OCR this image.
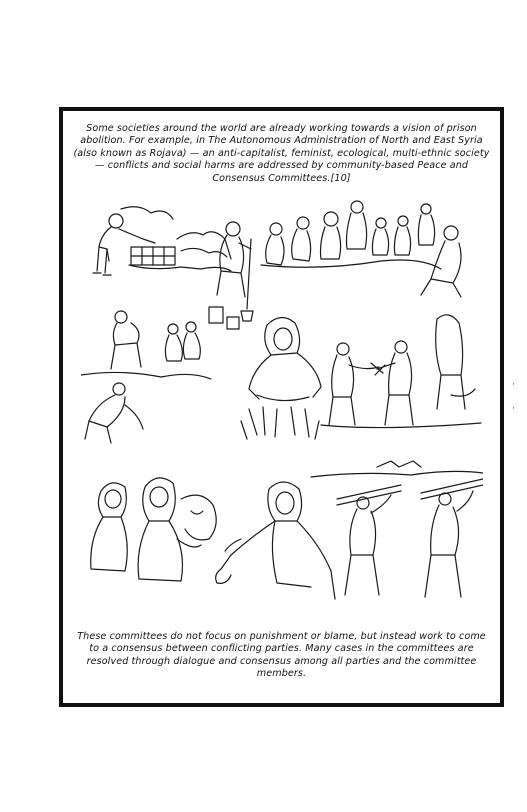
Some societies around the world are already working towards a vision of prison abolition. For example, in The Autonomous Administration of North and East Syria (also known as Rojava) — an anti-capitalist, feminist, ecological, multi-ethnic society — conflicts and social harms are addressed by community-based Peace and Consensus Committees.[10]
These committees do not focus on punishment or blame, but instead work to come to a consensus between conflicting parties. Many cases in the committees are resolved through dialogue and consensus among all parties and the committee members.
·
·
